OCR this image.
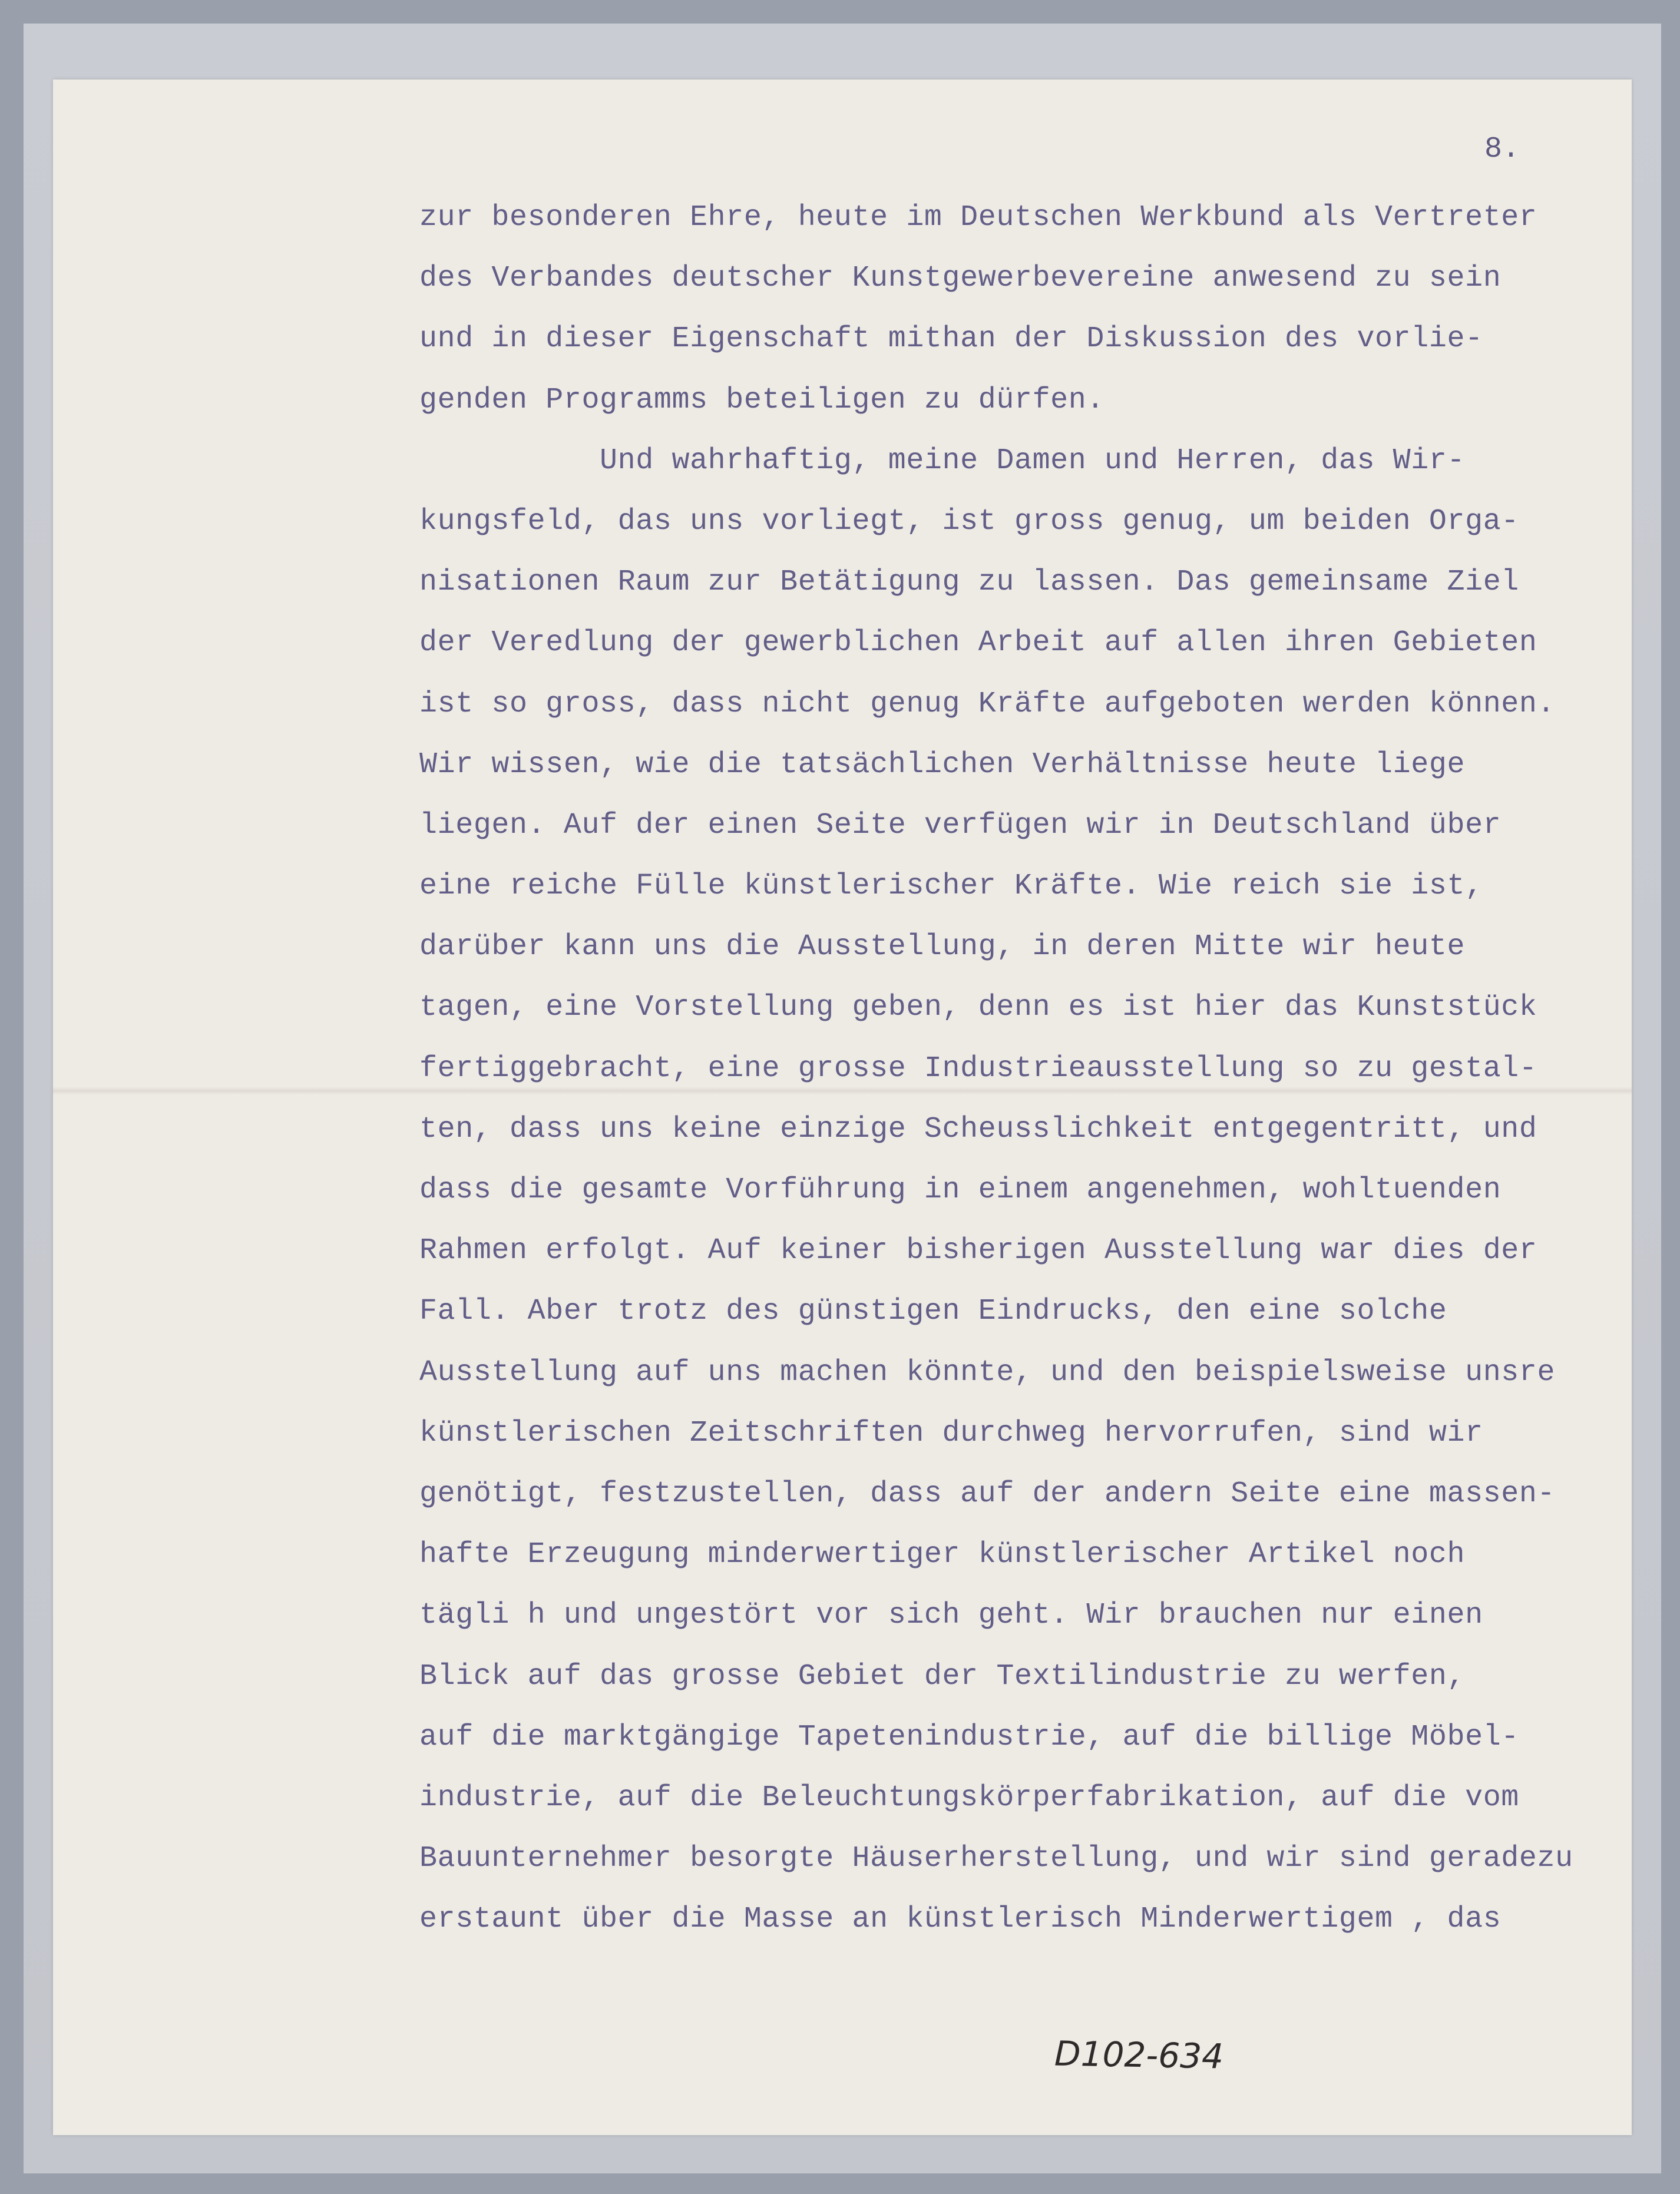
8.
zur besonderen Ehre, heute im Deutschen Werkbund als Vertreter
des Verbandes deutscher Kunstgewerbevereine anwesend zu sein
und in dieser Eigenschaft mithan der Diskussion des vorlie-
genden Programms beteiligen zu dürfen.
Und wahrhaftig, meine Damen und Herren, das Wir-
kungsfeld, das uns vorliegt, ist gross genug, um beiden Orga-
nisationen Raum zur Betätigung zu lassen. Das gemeinsame Ziel
der Veredlung der gewerblichen Arbeit auf allen ihren Gebieten
ist so gross, dass nicht genug Kräfte aufgeboten werden können.
Wir wissen, wie die tatsächlichen Verhältnisse heute liege
liegen. Auf der einen Seite verfügen wir in Deutschland über
eine reiche Fülle künstlerischer Kräfte. Wie reich sie ist,
darüber kann uns die Ausstellung, in deren Mitte wir heute
tagen, eine Vorstellung geben, denn es ist hier das Kunststück
fertiggebracht, eine grosse Industrieausstellung so zu gestal-
ten, dass uns keine einzige Scheusslichkeit entgegentritt, und
dass die gesamte Vorführung in einem angenehmen, wohltuenden
Rahmen erfolgt. Auf keiner bisherigen Ausstellung war dies der
Fall. Aber trotz des günstigen Eindrucks, den eine solche
Ausstellung auf uns machen könnte, und den beispielsweise unsre
künstlerischen Zeitschriften durchweg hervorrufen, sind wir
genötigt, festzustellen, dass auf der andern Seite eine massen-
hafte Erzeugung minderwertiger künstlerischer Artikel noch
tägli h und ungestört vor sich geht. Wir brauchen nur einen
Blick auf das grosse Gebiet der Textilindustrie zu werfen,
auf die marktgängige Tapetenindustrie, auf die billige Möbel-
industrie, auf die Beleuchtungskörperfabrikation, auf die vom
Bauunternehmer besorgte Häuserherstellung, und wir sind geradezu
erstaunt über die Masse an künstlerisch Minderwertigem , das
D102-634
